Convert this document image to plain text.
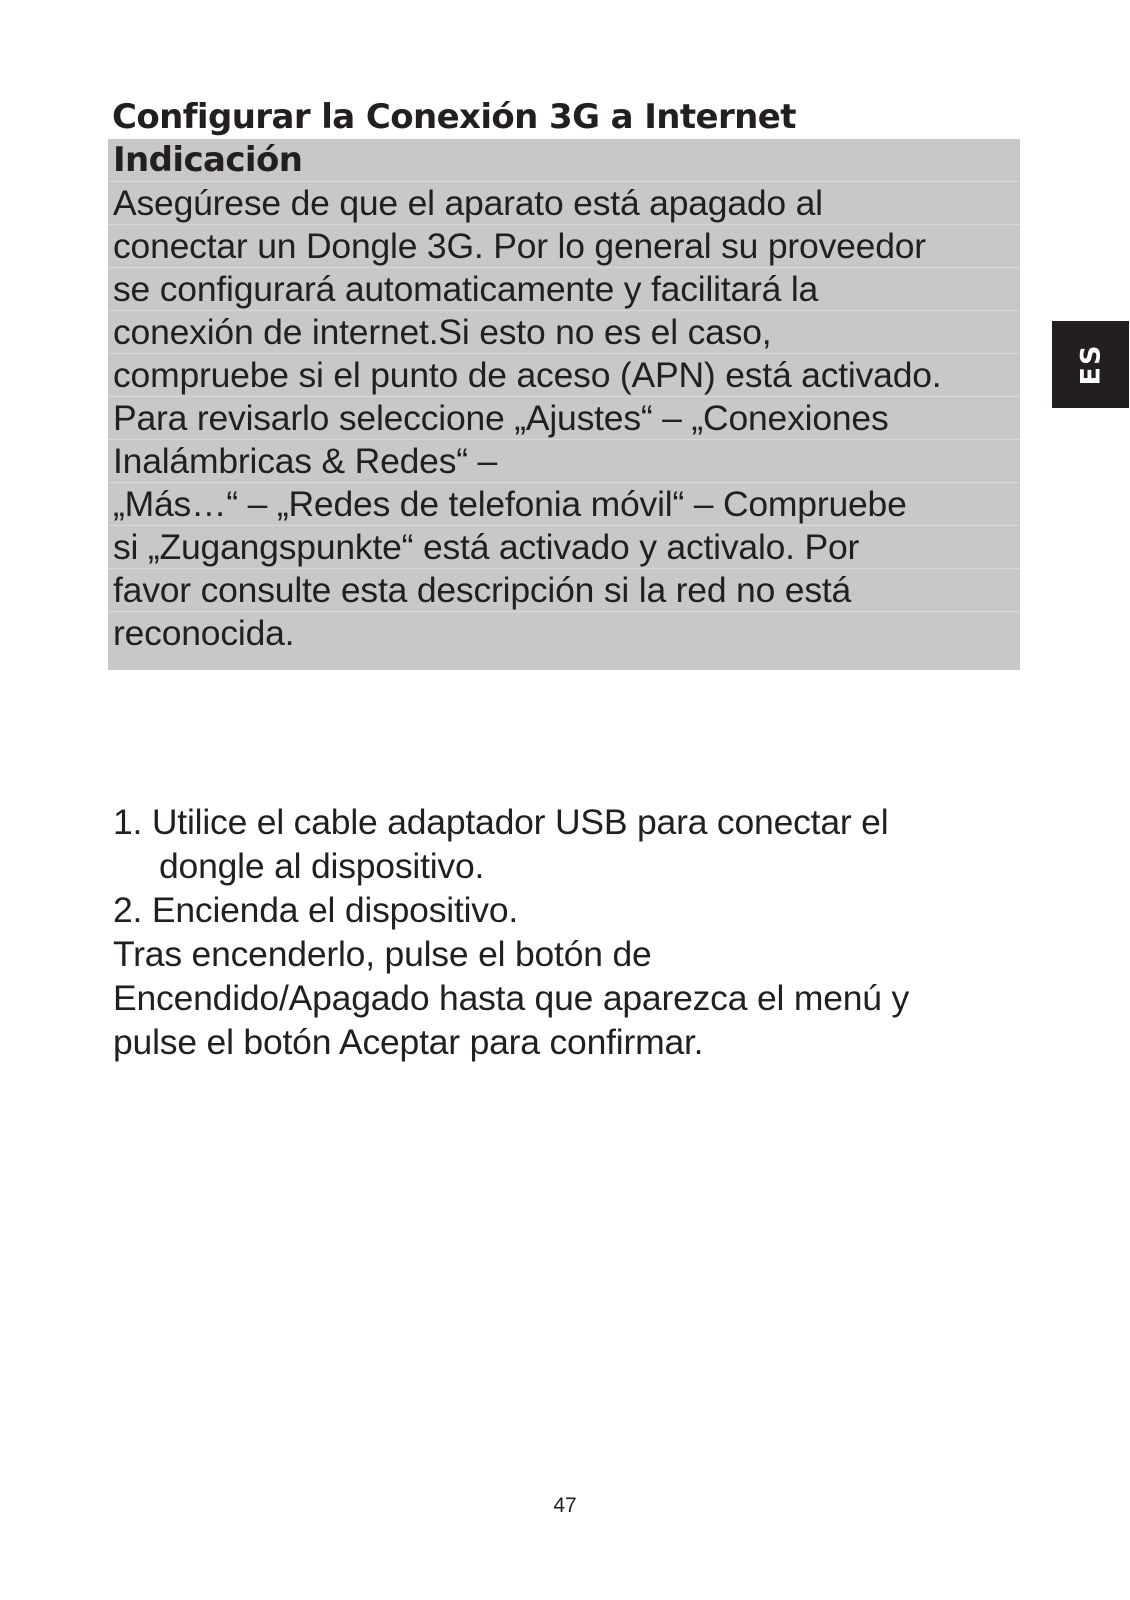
Configurar la Conexión 3G a Internet
Indicación
Asegúrese de que el aparato está apagado al
conectar un Dongle 3G. Por lo general su proveedor
se configurará automaticamente y facilitará la
conexión de internet.Si esto no es el caso,
compruebe si el punto de aceso (APN) está activado.
Para revisarlo seleccione „Ajustes“ – „Conexiones
Inalámbricas & Redes“ –
„Más…“ – „Redes de telefonia móvil“ – Compruebe
si „Zugangspunkte“ está activado y activalo. Por
favor consulte esta descripción si la red no está
reconocida.
1. Utilice el cable adaptador USB para conectar el
dongle al dispositivo.
2. Encienda el dispositivo.
Tras encenderlo, pulse el botón de
Encendido/Apagado hasta que aparezca el menú y
pulse el botón Aceptar para confirmar.
ES
47
